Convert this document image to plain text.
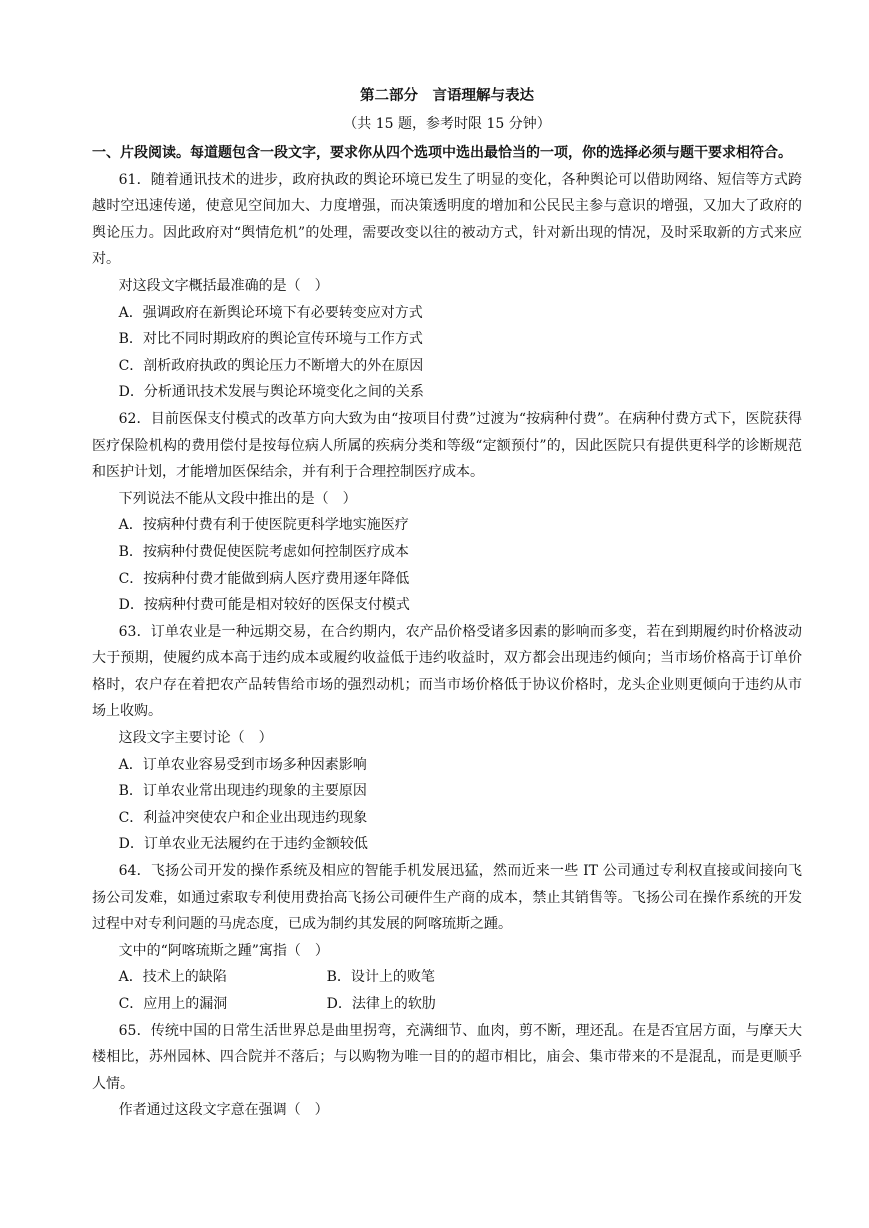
第二部分　言语理解与表达

（共 15 题，参考时限 15 分钟）

一、片段阅读。每道题包含一段文字，要求你从四个选项中选出最恰当的一项，你的选择必须与题干要求相符合。

61．随着通讯技术的进步，政府执政的舆论环境已发生了明显的变化，各种舆论可以借助网络、短信等方式跨越时空迅速传递，使意见空间加大、力度增强，而决策透明度的增加和公民民主参与意识的增强，又加大了政府的舆论压力。因此政府对“舆情危机”的处理，需要改变以往的被动方式，针对新出现的情况，及时采取新的方式来应对。

对这段文字概括最准确的是（　）

A．强调政府在新舆论环境下有必要转变应对方式

B．对比不同时期政府的舆论宣传环境与工作方式

C．剖析政府执政的舆论压力不断增大的外在原因

D．分析通讯技术发展与舆论环境变化之间的关系

62．目前医保支付模式的改革方向大致为由“按项目付费”过渡为“按病种付费”。在病种付费方式下，医院获得医疗保险机构的费用偿付是按每位病人所属的疾病分类和等级“定额预付”的，因此医院只有提供更科学的诊断规范和医护计划，才能增加医保结余，并有利于合理控制医疗成本。

下列说法不能从文段中推出的是（　）

A．按病种付费有利于使医院更科学地实施医疗

B．按病种付费促使医院考虑如何控制医疗成本

C．按病种付费才能做到病人医疗费用逐年降低

D．按病种付费可能是相对较好的医保支付模式

63．订单农业是一种远期交易，在合约期内，农产品价格受诸多因素的影响而多变，若在到期履约时价格波动大于预期，使履约成本高于违约成本或履约收益低于违约收益时，双方都会出现违约倾向；当市场价格高于订单价格时，农户存在着把农产品转售给市场的强烈动机；而当市场价格低于协议价格时，龙头企业则更倾向于违约从市场上收购。

这段文字主要讨论（　）

A．订单农业容易受到市场多种因素影响

B．订单农业常出现违约现象的主要原因

C．利益冲突使农户和企业出现违约现象

D．订单农业无法履约在于违约金额较低

64．飞扬公司开发的操作系统及相应的智能手机发展迅猛，然而近来一些 IT 公司通过专利权直接或间接向飞扬公司发难，如通过索取专利使用费抬高飞扬公司硬件生产商的成本，禁止其销售等。飞扬公司在操作系统的开发过程中对专利问题的马虎态度，已成为制约其发展的阿喀琉斯之踵。

文中的“阿喀琉斯之踵”寓指（　）

A．技术上的缺陷	B．设计上的败笔
C．应用上的漏洞	D．法律上的软肋

65．传统中国的日常生活世界总是曲里拐弯，充满细节、血肉，剪不断，理还乱。在是否宜居方面，与摩天大楼相比，苏州园林、四合院并不落后；与以购物为唯一目的的超市相比，庙会、集市带来的不是混乱，而是更顺乎人情。

作者通过这段文字意在强调（　）
